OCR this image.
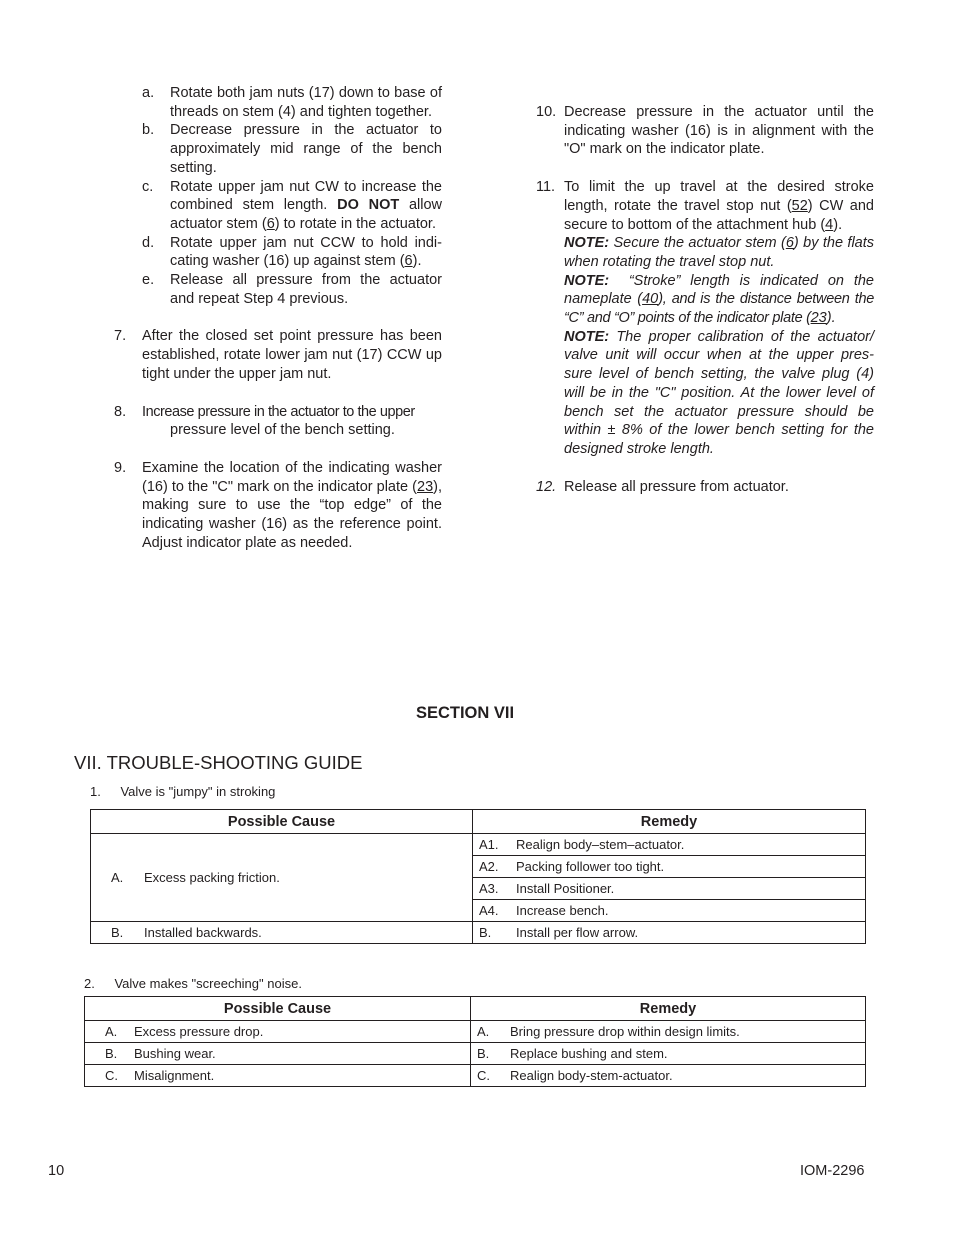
a. Rotate both jam nuts (17) down to base of threads on stem (4) and tighten together.
b. Decrease pressure in the actuator to approximately mid range of the bench setting.
c. Rotate upper jam nut CW to increase the combined stem length. DO NOT allow actuator stem (6) to rotate in the actuator.
d. Rotate upper jam nut CCW to hold indi-cating washer (16) up against stem (6).
e. Release all pressure from the actuator and repeat Step 4 previous.
7. After the closed set point pressure has been established, rotate lower jam nut (17) CCW up tight under the upper jam nut.
8. Increase pressure in the actuator to the upper
pressure level of the bench setting.
9. Examine the location of the indicating washer (16) to the "C" mark on the indicator plate (23), making sure to use the “top edge” of the indicating washer (16) as the reference point. Adjust indicator plate as needed.
10. Decrease pressure in the actuator until the indicating washer (16) is in alignment with the "O" mark on the indicator plate.
11. To limit the up travel at the desired stroke length, rotate the travel stop nut (52) CW and secure to bottom of the attachment hub (4).
NOTE: Secure the actuator stem (6) by the flats when rotating the travel stop nut.
NOTE: “Stroke” length is indicated on the nameplate (40), and is the distance between the “C” and “O” points of the indicator plate (23).
NOTE: The proper calibration of the actuator/ valve unit will occur when at the upper pres-sure level of bench setting, the valve plug (4) will be in the "C" position. At the lower level of bench set the actuator pressure should be within ± 8% of the lower bench setting for the designed stroke length.
12. Release all pressure from actuator.
SECTION VII
VII. TROUBLE-SHOOTING GUIDE
1. Valve is "jumpy" in stroking
Possible Cause	Remedy

A. Excess packing friction.	A1. Realign body–stem–actuator.

	A2. Packing follower too tight.

	A3. Install Positioner.

	A4. Increase bench.

B. Installed backwards.	B. Install per flow arrow.
2. Valve makes "screeching" noise.
Possible Cause	Remedy

A. Excess pressure drop.	A. Bring pressure drop within design limits.

B. Bushing wear.	B. Replace bushing and stem.

C. Misalignment.	C. Realign body-stem-actuator.
10	IOM-2296
